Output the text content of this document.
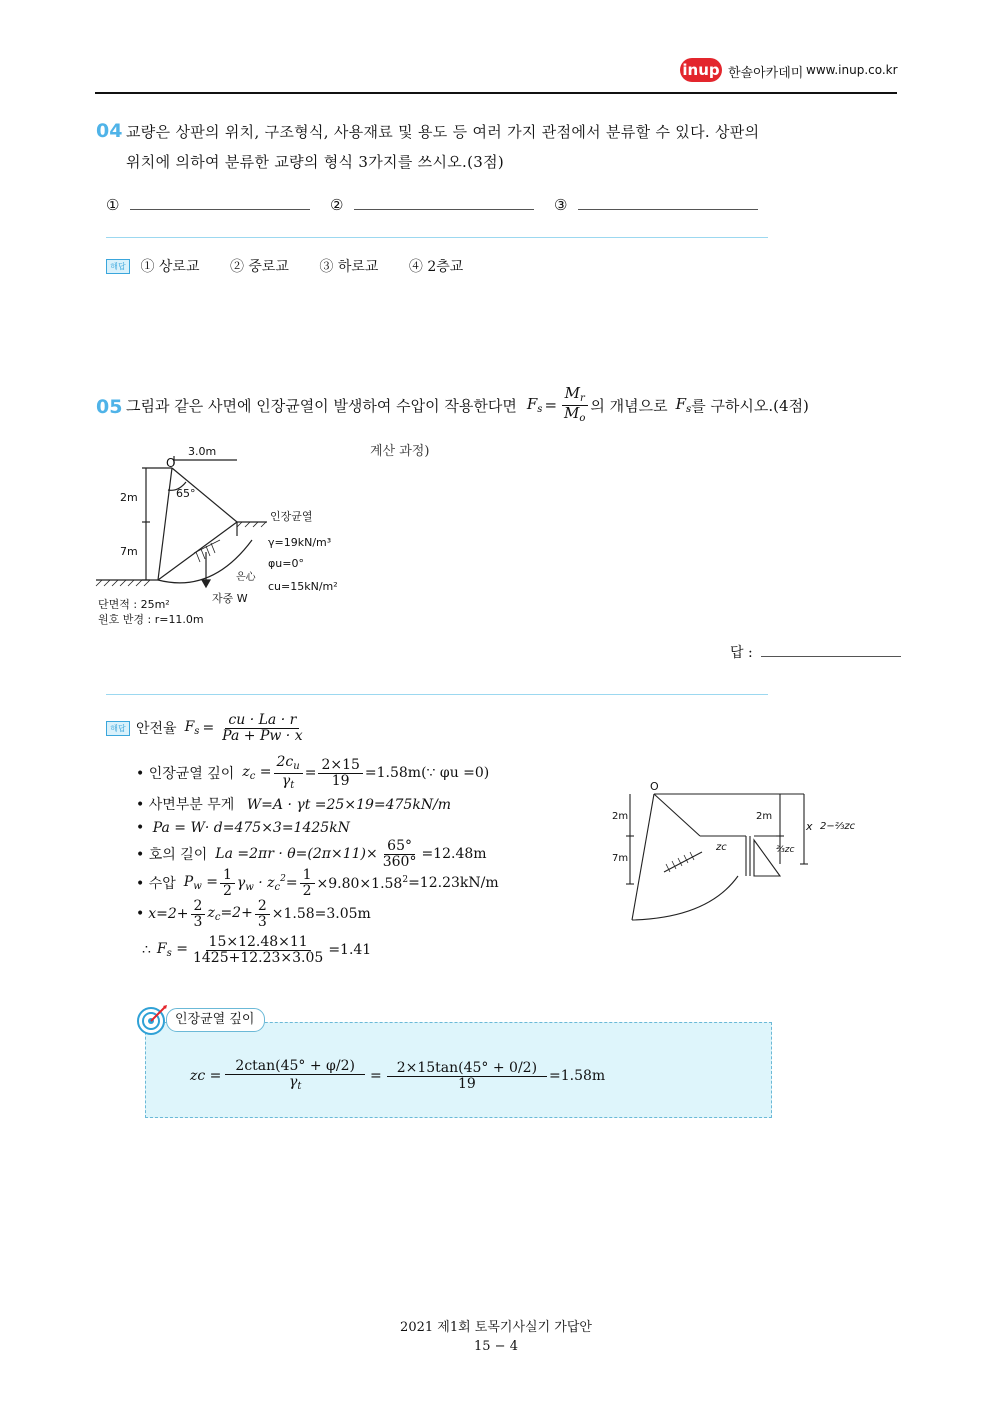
inup 한솔아카데미 www.inup.co.kr
04 교량은 상판의 위치, 구조형식, 사용재료 및 용도 등 여러 가지 관점에서 분류할 수 있다. 상판의
위치에 의하여 분류한 교량의 형식 3가지를 쓰시오.(3점)
①	②	③
해답 ① 상로교 ② 중로교 ③ 하로교 ④ 2층교
05 그림과 같은 사면에 인장균열이 발생하여 수압이 작용한다면 $F_s = \frac{M_r}{M_o}$ 의 개념으로 $F_s$ 를 구하시오.(4점)
계산 과정)
O
3.0m
65°
2m
7m
인장균열
γ=19kN/m³
φu=0°
cu=15kN/m²
은心
자중 W
단면적 : 25m²
원호 반경 : r=11.0m
답 :
해답 안전율 $F_s = \frac{cu \cdot La \cdot r}{Pa + Pw \cdot x}$
• 인장균열 깊이 $z_c = \frac{2c_u}{\gamma_t} = \frac{2\times 15}{19}$ =1.58m(∵ φu =0)
• 사면부분 무게 W=A · γt =25×19=475kN/m
• Pa = W· d=475×3=1425kN
• 호의 길이 $La =2\pi r \cdot \theta=(2\pi\times 11)\times \frac{65^\circ}{360^\circ} =12.48m$
• 수압 $P_w = \frac{1}{2} \gamma_w \cdot z_c^2= \frac{1}{2} \times 9.80\times 1.58^2 =12.23kN/m$
• $x=2+ \frac{2}{3} z_c=2+ \frac{2}{3} \times 1.58 =3.05m$
∴ $F_s = \frac{15\times 12.48\times 11}{1425+12.23\times 3.05} =1.41$
O
2m
7m
2m
x 2−⅔zc
zc	⅔zc
인장균열 깊이
zc = $\frac{2ctan(45^\circ + \varphi/2)}{\gamma_t} = \frac{2\times 15\tan(45^\circ + 0/2)}{19} =1.58m$
2021 제1회 토목기사실기 가답안
15 − 4
